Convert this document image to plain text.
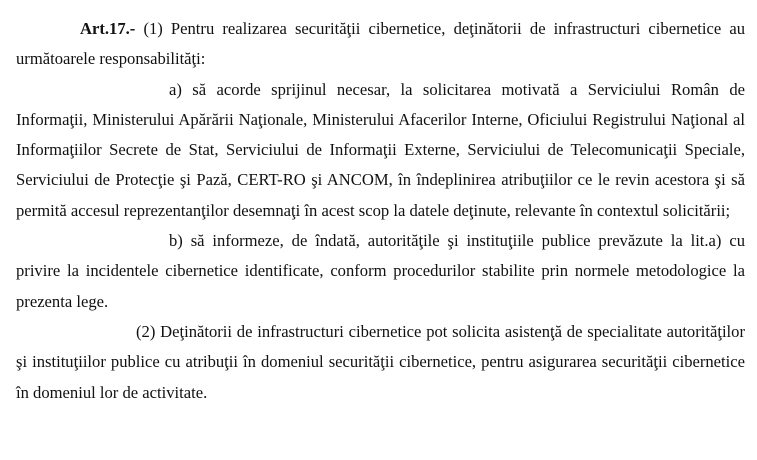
Art.17.- (1) Pentru realizarea securităţii cibernetice, deţinătorii de infrastructuri cibernetice au următoarele responsabilităţi:

a) să acorde sprijinul necesar, la solicitarea motivată a Serviciului Român de Informaţii, Ministerului Apărării Naţionale, Ministerului Afacerilor Interne, Oficiului Registrului Naţional al Informaţiilor Secrete de Stat, Serviciului de Informaţii Externe, Serviciului de Telecomunicaţii Speciale, Serviciului de Protecţie şi Pază, CERT-RO şi ANCOM, în îndeplinirea atribuţiilor ce le revin acestora şi să permită accesul reprezentanţilor desemnaţi în acest scop la datele deţinute, relevante în contextul solicitării;

b) să informeze, de îndată, autorităţile şi instituţiile publice prevăzute la lit.a) cu privire la incidentele cibernetice identificate, conform procedurilor stabilite prin normele metodologice la prezenta lege.

(2) Deţinătorii de infrastructuri cibernetice pot solicita asistenţă de specialitate autorităţilor şi instituţiilor publice cu atribuţii în domeniul securităţii cibernetice, pentru asigurarea securităţii cibernetice în domeniul lor de activitate.
